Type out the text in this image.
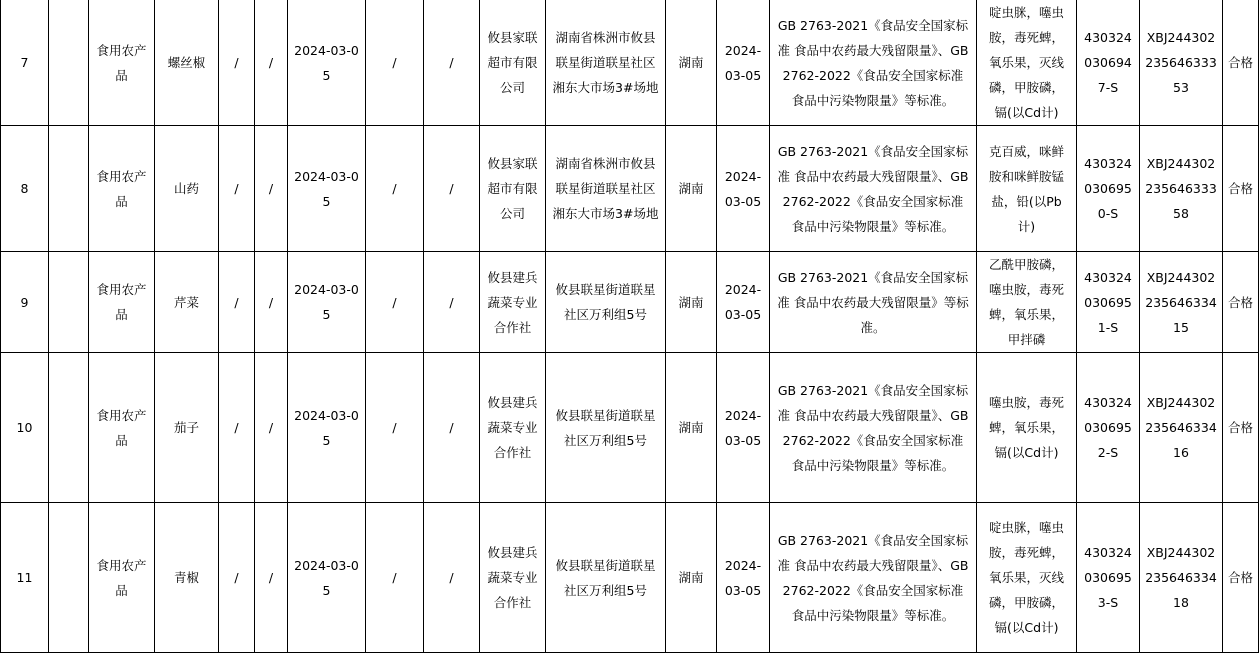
7		食用农产品	螺丝椒	/	/	2024-03-05	/	/	攸县家联超市有限公司	湖南省株洲市攸县联星街道联星社区湘东大市场3#场地	湖南	2024-03-05	GB 2763-2021《食品安全国家标准 食品中农药最大残留限量》、GB 2762-2022《食品安全国家标准 食品中污染物限量》等标准。	啶虫脒，噻虫胺，毒死蜱，氧乐果，灭线磷，甲胺磷，镉(以Cd计)	4303240306947-S	XBJ24430223564633353	合格
8		食用农产品	山药	/	/	2024-03-05	/	/	攸县家联超市有限公司	湖南省株洲市攸县联星街道联星社区湘东大市场3#场地	湖南	2024-03-05	GB 2763-2021《食品安全国家标准 食品中农药最大残留限量》、GB 2762-2022《食品安全国家标准 食品中污染物限量》等标准。	克百威，咪鲜胺和咪鲜胺锰盐，铅(以Pb计)	4303240306950-S	XBJ24430223564633358	合格
9		食用农产品	芹菜	/	/	2024-03-05	/	/	攸县建兵蔬菜专业合作社	攸县联星街道联星社区万利组5号	湖南	2024-03-05	GB 2763-2021《食品安全国家标准 食品中农药最大残留限量》等标准。	乙酰甲胺磷，噻虫胺，毒死蜱，氧乐果，甲拌磷	4303240306951-S	XBJ24430223564633415	合格
10		食用农产品	茄子	/	/	2024-03-05	/	/	攸县建兵蔬菜专业合作社	攸县联星街道联星社区万利组5号	湖南	2024-03-05	GB 2763-2021《食品安全国家标准 食品中农药最大残留限量》、GB 2762-2022《食品安全国家标准 食品中污染物限量》等标准。	噻虫胺，毒死蜱，氧乐果，镉(以Cd计)	4303240306952-S	XBJ24430223564633416	合格
11		食用农产品	青椒	/	/	2024-03-05	/	/	攸县建兵蔬菜专业合作社	攸县联星街道联星社区万利组5号	湖南	2024-03-05	GB 2763-2021《食品安全国家标准 食品中农药最大残留限量》、GB 2762-2022《食品安全国家标准 食品中污染物限量》等标准。	啶虫脒，噻虫胺，毒死蜱，氧乐果，灭线磷，甲胺磷，镉(以Cd计)	4303240306953-S	XBJ24430223564633418	合格
